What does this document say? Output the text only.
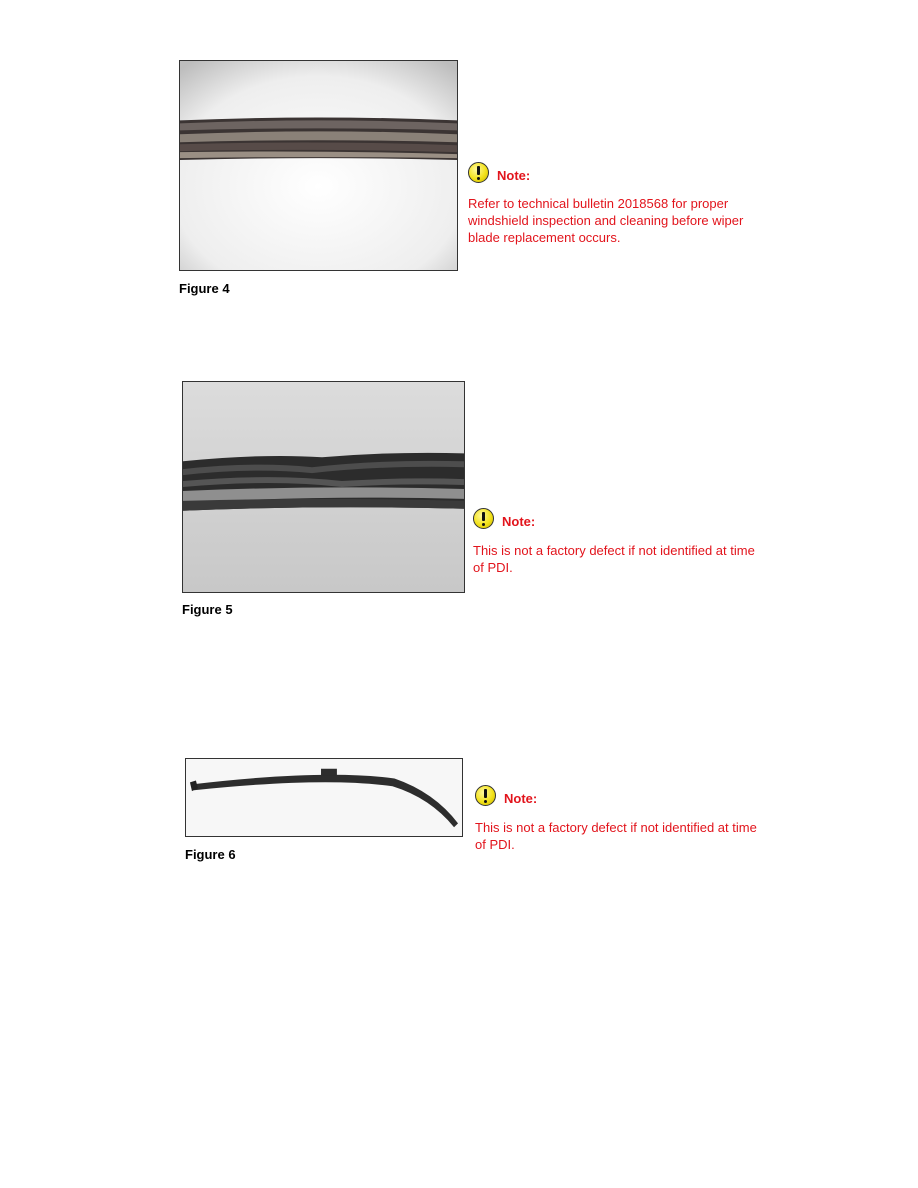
Figure 4
Note:
Refer to technical bulletin 2018568 for proper windshield inspection and cleaning before wiper blade replacement occurs.
Figure 5
Note:
This is not a factory defect if not identified at time of PDI.
Figure 6
Note:
This is not a factory defect if not identified at time of PDI.
